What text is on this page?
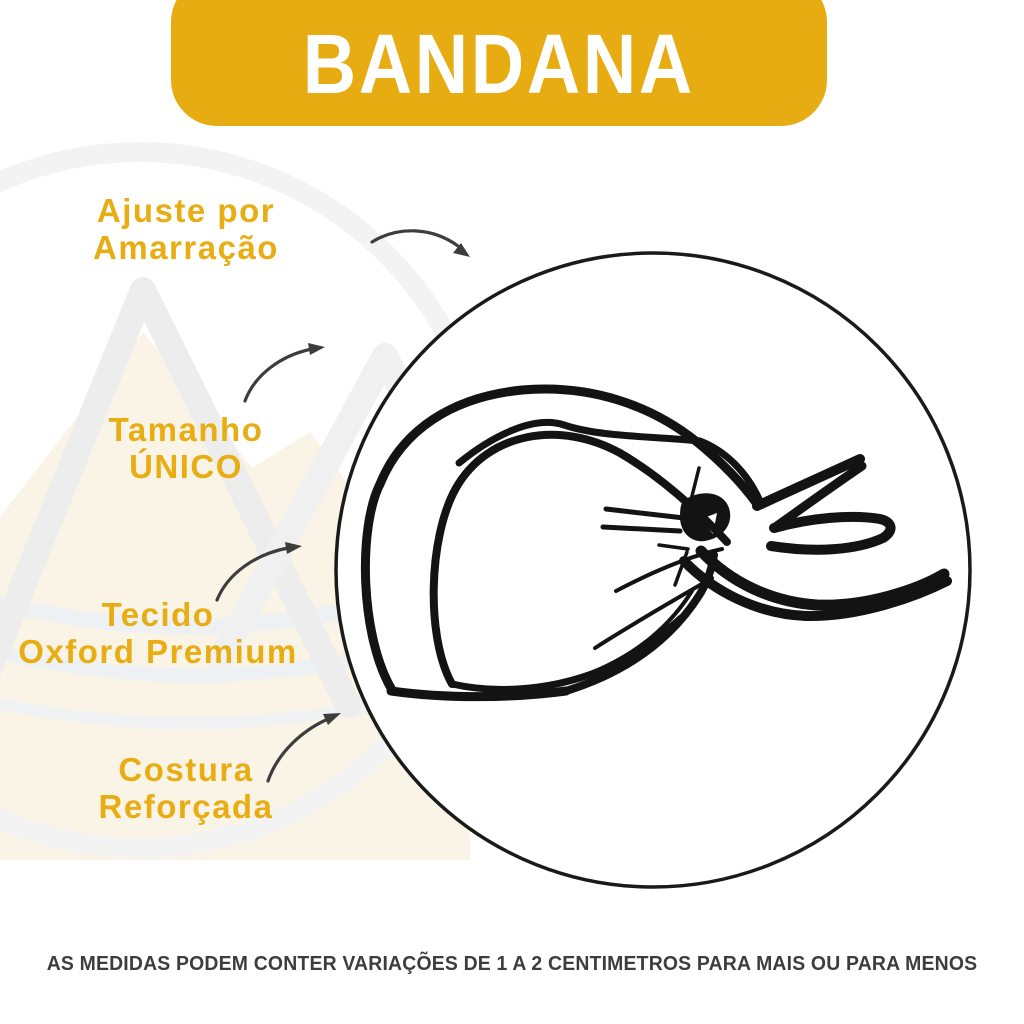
BANDANA
Ajuste por
Amarração
Tamanho
ÚNICO
Tecido
Oxford Premium
Costura
Reforçada
AS MEDIDAS PODEM CONTER VARIAÇÕES DE 1 A 2 CENTIMETROS PARA MAIS OU PARA MENOS
